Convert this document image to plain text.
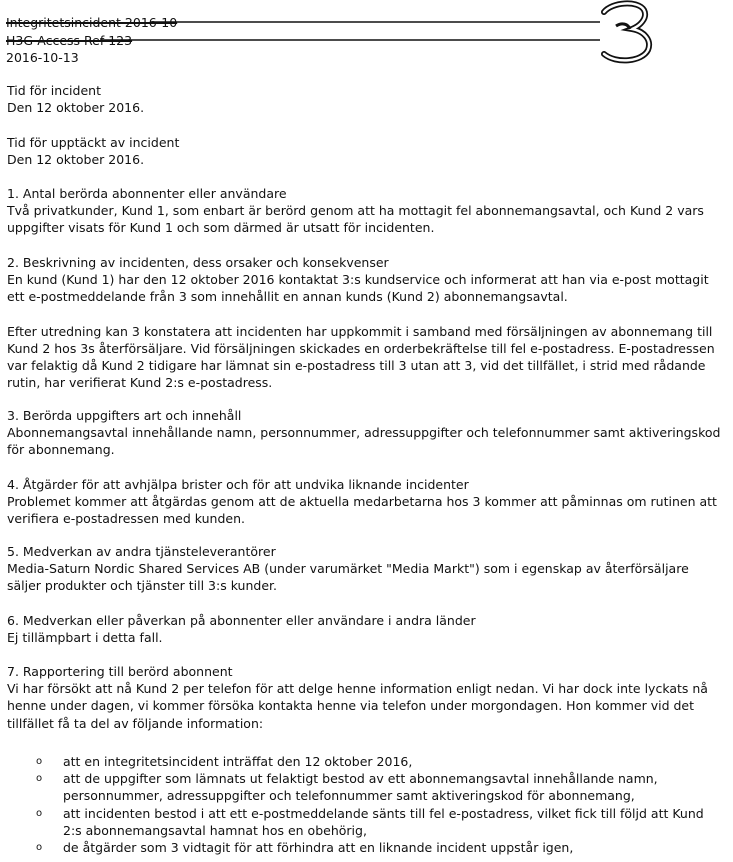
Integritetsincident 2016-10
H3G-Access Ref 123
2016-10-13

Tid för incident

Den 12 oktober 2016.

Tid för upptäckt av incident

Den 12 oktober 2016.

1. Antal berörda abonnenter eller användare

Två privatkunder, Kund 1, som enbart är berörd genom att ha mottagit fel abonnemangsavtal, och Kund 2 vars uppgifter visats för Kund 1 och som därmed är utsatt för incidenten.

2. Beskrivning av incidenten, dess orsaker och konsekvenser

En kund (Kund 1) har den 12 oktober 2016 kontaktat 3:s kundservice och informerat att han via e-post mottagit ett e-postmeddelande från 3 som innehållit en annan kunds (Kund 2) abonnemangsavtal.

Efter utredning kan 3 konstatera att incidenten har uppkommit i samband med försäljningen av abonnemang till Kund 2 hos 3s återförsäljare. Vid försäljningen skickades en orderbekräftelse till fel e-postadress. E-postadressen var felaktig då Kund 2 tidigare har lämnat sin e-postadress till 3 utan att 3, vid det tillfället, i strid med rådande rutin, har verifierat Kund 2:s e-postadress.

3. Berörda uppgifters art och innehåll

Abonnemangsavtal innehållande namn, personnummer, adressuppgifter och telefonnummer samt aktiveringskod för abonnemang.

4. Åtgärder för att avhjälpa brister och för att undvika liknande incidenter

Problemet kommer att åtgärdas genom att de aktuella medarbetarna hos 3 kommer att påminnas om rutinen att verifiera e-postadressen med kunden.

5. Medverkan av andra tjänsteleverantörer

Media-Saturn Nordic Shared Services AB (under varumärket "Media Markt") som i egenskap av återförsäljare säljer produkter och tjänster till 3:s kunder.

6. Medverkan eller påverkan på abonnenter eller användare i andra länder

Ej tillämpbart i detta fall.

7. Rapportering till berörd abonnent

Vi har försökt att nå Kund 2 per telefon för att delge henne information enligt nedan. Vi har dock inte lyckats nå henne under dagen, vi kommer försöka kontakta henne via telefon under morgondagen. Hon kommer vid det tillfället få ta del av följande information:

o att en integritetsincident inträffat den 12 oktober 2016,
o att de uppgifter som lämnats ut felaktigt bestod av ett abonnemangsavtal innehållande namn, personnummer, adressuppgifter och telefonnummer samt aktiveringskod för abonnemang,
o att incidenten bestod i att ett e-postmeddelande sänts till fel e-postadress, vilket fick till följd att Kund 2:s abonnemangsavtal hamnat hos en obehörig,
o de åtgärder som 3 vidtagit för att förhindra att en liknande incident uppstår igen,
